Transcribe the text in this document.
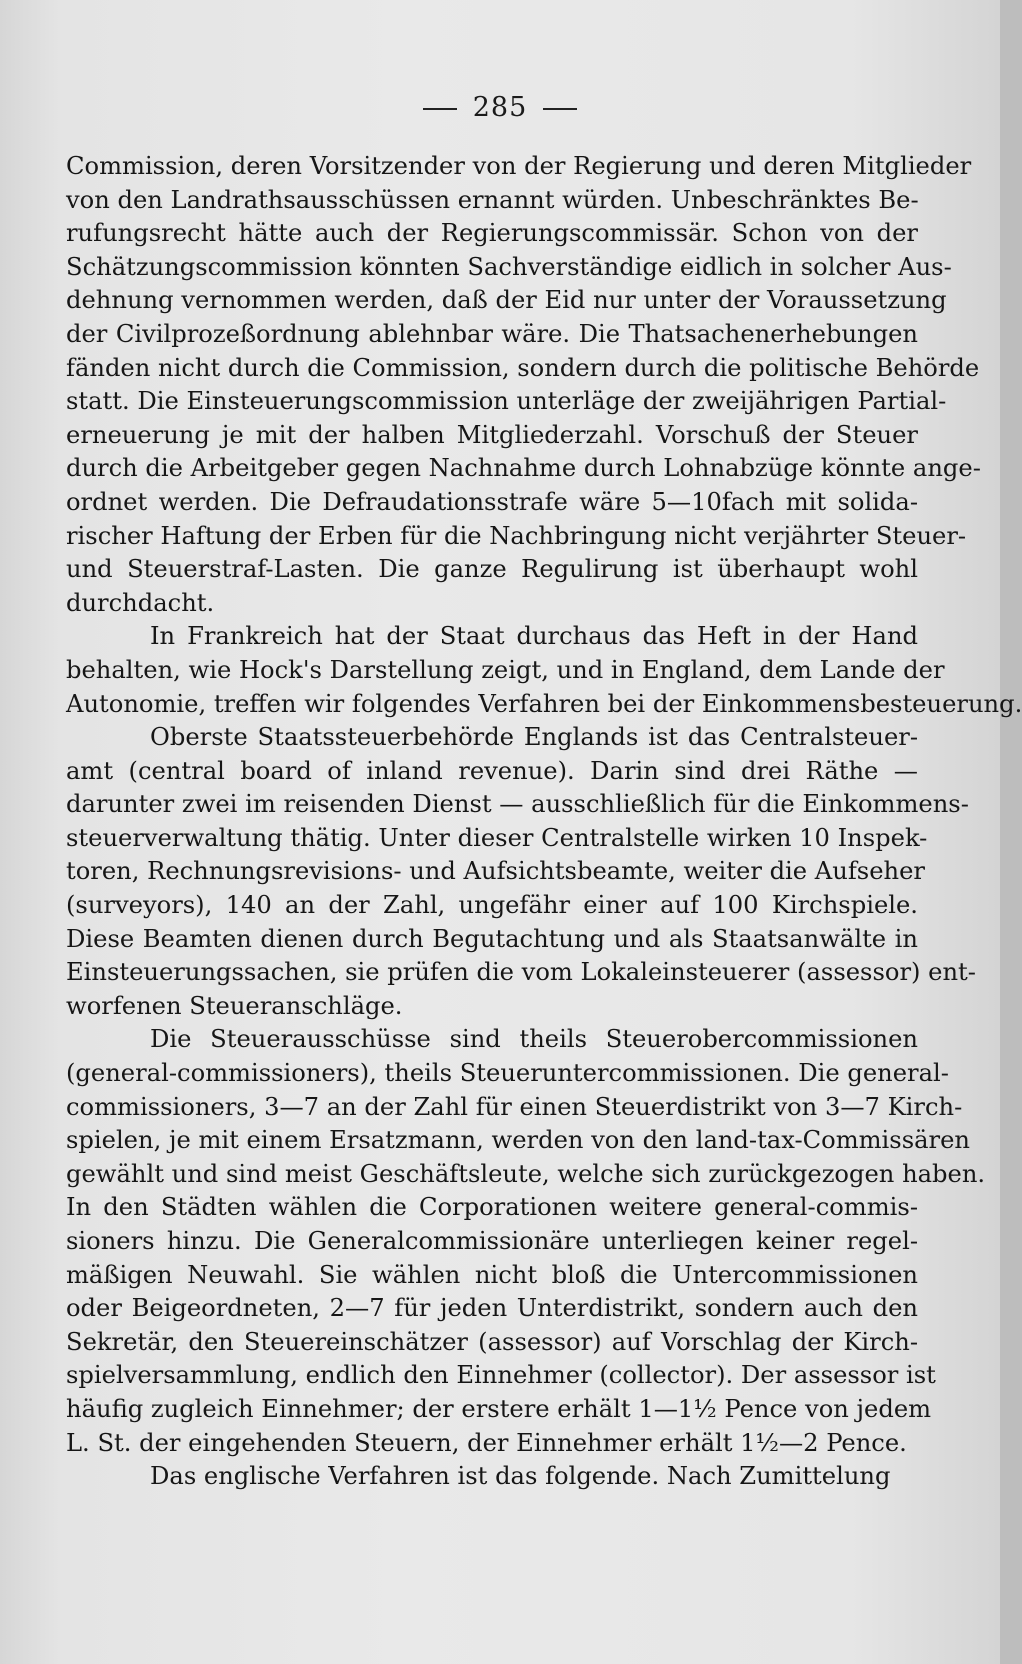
285
Commission, deren Vorsitzender von der Regierung und deren Mitglieder
von den Landrathsausschüssen ernannt würden. Unbeschränktes Be-
rufungsrecht hätte auch der Regierungscommissär. Schon von der
Schätzungscommission könnten Sachverständige eidlich in solcher Aus-
dehnung vernommen werden, daß der Eid nur unter der Voraussetzung
der Civilprozeßordnung ablehnbar wäre. Die Thatsachenerhebungen
fänden nicht durch die Commission, sondern durch die politische Behörde
statt. Die Einsteuerungscommission unterläge der zweijährigen Partial-
erneuerung je mit der halben Mitgliederzahl. Vorschuß der Steuer
durch die Arbeitgeber gegen Nachnahme durch Lohnabzüge könnte ange-
ordnet werden. Die Defraudationsstrafe wäre 5—10fach mit solida-
rischer Haftung der Erben für die Nachbringung nicht verjährter Steuer-
und Steuerstraf-Lasten. Die ganze Regulirung ist überhaupt wohl
durchdacht.
In Frankreich hat der Staat durchaus das Heft in der Hand
behalten, wie Hock's Darstellung zeigt, und in England, dem Lande der
Autonomie, treffen wir folgendes Verfahren bei der Einkommensbesteuerung.
Oberste Staatssteuerbehörde Englands ist das Centralsteuer-
amt (central board of inland revenue). Darin sind drei Räthe —
darunter zwei im reisenden Dienst — ausschließlich für die Einkommens-
steuerverwaltung thätig. Unter dieser Centralstelle wirken 10 Inspek-
toren, Rechnungsrevisions- und Aufsichtsbeamte, weiter die Aufseher
(surveyors), 140 an der Zahl, ungefähr einer auf 100 Kirchspiele.
Diese Beamten dienen durch Begutachtung und als Staatsanwälte in
Einsteuerungssachen, sie prüfen die vom Lokaleinsteuerer (assessor) ent-
worfenen Steueranschläge.
Die Steuerausschüsse sind theils Steuerobercommissionen
(general-commissioners), theils Steueruntercommissionen. Die general-
commissioners, 3—7 an der Zahl für einen Steuerdistrikt von 3—7 Kirch-
spielen, je mit einem Ersatzmann, werden von den land-tax-Commissären
gewählt und sind meist Geschäftsleute, welche sich zurückgezogen haben.
In den Städten wählen die Corporationen weitere general-commis-
sioners hinzu. Die Generalcommissionäre unterliegen keiner regel-
mäßigen Neuwahl. Sie wählen nicht bloß die Untercommissionen
oder Beigeordneten, 2—7 für jeden Unterdistrikt, sondern auch den
Sekretär, den Steuereinschätzer (assessor) auf Vorschlag der Kirch-
spielversammlung, endlich den Einnehmer (collector). Der assessor ist
häufig zugleich Einnehmer; der erstere erhält 1—1½ Pence von jedem
L. St. der eingehenden Steuern, der Einnehmer erhält 1½—2 Pence.
Das englische Verfahren ist das folgende. Nach Zumittelung
